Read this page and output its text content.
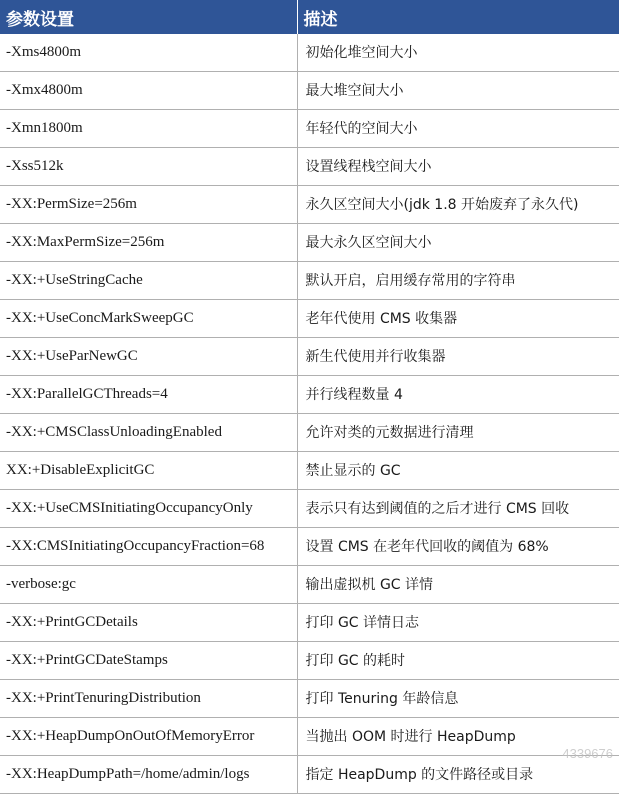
参数设置	描述
-Xms4800m	初始化堆空间大小
-Xmx4800m	最大堆空间大小
-Xmn1800m	年轻代的空间大小
-Xss512k	设置线程栈空间大小
-XX:PermSize=256m	永久区空间大小(jdk 1.8 开始废弃了永久代)
-XX:MaxPermSize=256m	最大永久区空间大小
-XX:+UseStringCache	默认开启，启用缓存常用的字符串
-XX:+UseConcMarkSweepGC	老年代使用 CMS 收集器
-XX:+UseParNewGC	新生代使用并行收集器
-XX:ParallelGCThreads=4	并行线程数量 4
-XX:+CMSClassUnloadingEnabled	允许对类的元数据进行清理
XX:+DisableExplicitGC	禁止显示的 GC
-XX:+UseCMSInitiatingOccupancyOnly	表示只有达到阈值的之后才进行 CMS 回收
-XX:CMSInitiatingOccupancyFraction=68	设置 CMS 在老年代回收的阈值为 68%
-verbose:gc	输出虚拟机 GC 详情
-XX:+PrintGCDetails	打印 GC 详情日志
-XX:+PrintGCDateStamps	打印 GC 的耗时
-XX:+PrintTenuringDistribution	打印 Tenuring 年龄信息
-XX:+HeapDumpOnOutOfMemoryError	当抛出 OOM 时进行 HeapDump
-XX:HeapDumpPath=/home/admin/logs	指定 HeapDump 的文件路径或目录
4339676
